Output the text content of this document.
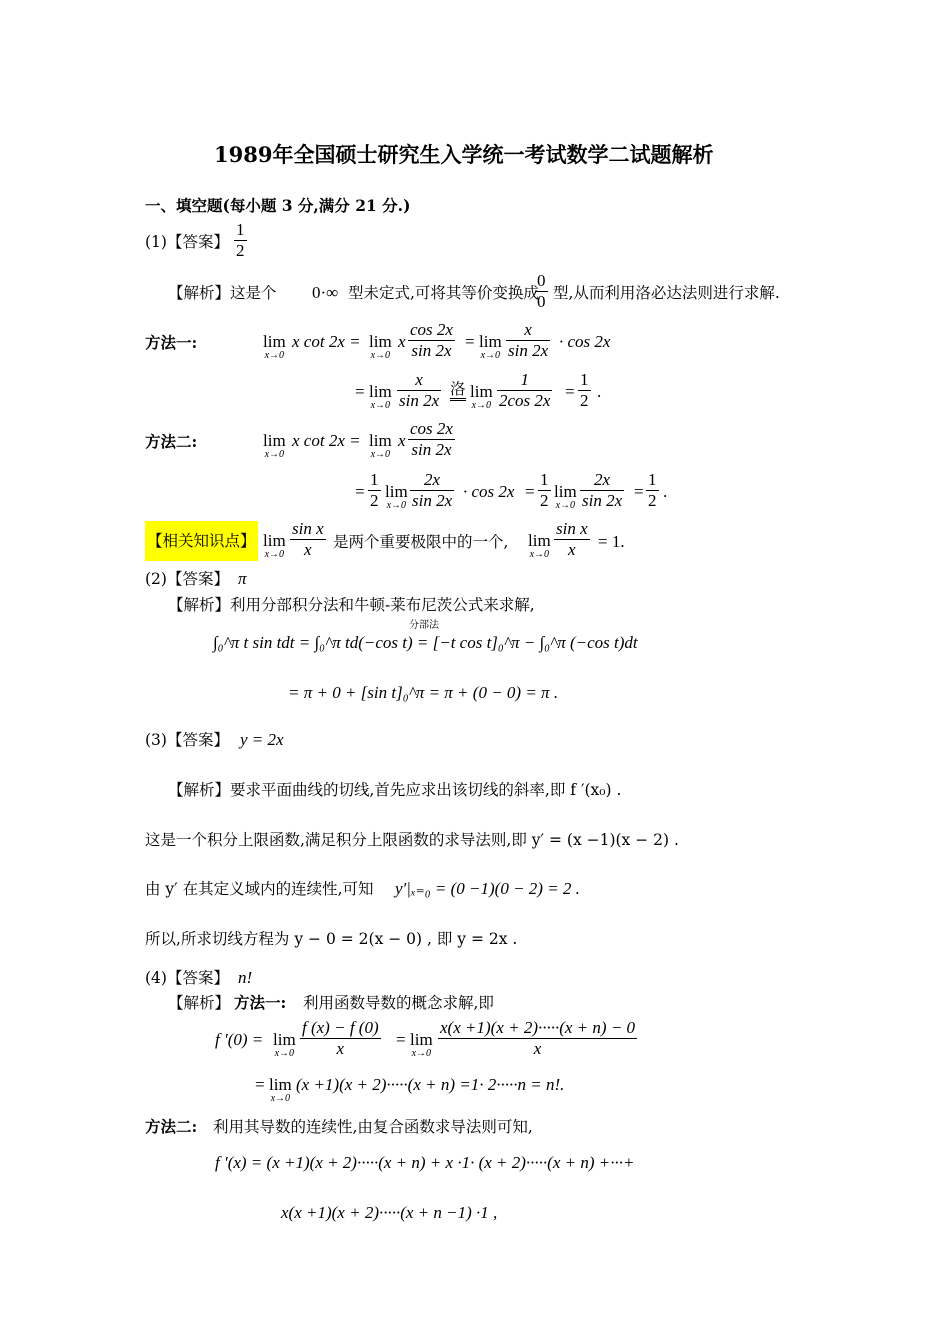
1989年全国硕士研究生入学统一考试数学二试题解析
一、填空题(每小题 3 分,满分 21 分.)
(1)【答案】 $\frac{1}{2}$
【解析】这是个 0·∞ 型未定式,可将其等价变换成
$\frac{0}{0}$ 型,从而利用洛必达法则进行求解.
方法一:	lim
x→0
x cot 2x = lim
x→0
x $\frac{\cos 2x}{\sin 2x} = \lim$
$x\to 0 \frac{x}{\sin 2x} \cdot \cos 2x$
= lim
$x\to 0 \frac{x}{\sin 2x}$ 洛 lim
$x\to 0 \frac{1}{2\cos 2x} = \frac{1}{2}$ .
方法二:	lim
x→0
x cot 2x = lim
x→0
x $\frac{\cos 2x}{\sin 2x}$
= $\frac{1}{2}$ lim
$x\to 0 \frac{2x}{\sin 2x} \cdot \cos 2x = \frac{1}{2}$ lim
$x\to 0 \frac{2x}{\sin 2x} = \frac{1}{2}$ .
【相关知识点】 lim
$x\to 0 \frac{\text{sin x}}{x}$ 是两个重要极限中的一个, lim
$x\to 0 \frac{\text{sin x}}{x} = 1$.
(2)【答案】 π
【解析】利用分部积分法和牛顿-莱布尼茨公式来求解,
分部法
∫₀^π t sin tdt = ∫₀^π td(−cos t) = [−t cos t]₀^π − ∫₀^π (−cos t)dt
= π + 0 + [sin t]₀^π = π + (0 − 0) = π .
(3)【答案】 y = 2x
【解析】要求平面曲线的切线,首先应求出该切线的斜率,即 f ′(x₀) .
这是一个积分上限函数,满足积分上限函数的求导法则,即 y′ = (x −1)(x − 2) .
由 y′ 在其定义域内的连续性,可知 y′|ₓ₌₀ = (0 −1)(0 − 2) = 2 .
所以,所求切线方程为 y − 0 = 2(x − 0) , 即 y = 2x .
(4)【答案】 n!
【解析】 方法一: 利用函数导数的概念求解,即
f ′(0) = lim
$x\to 0 \frac{f (x) - f (0)}{x} = \lim$
$x\to 0 \frac{x(x +1)(x + 2)\cdot\cdot\cdot\cdot\cdot(x + n) - 0}{x}$
= lim
x→0
(x +1)(x + 2)·····(x + n) =1· 2·····n = n!.
方法二: 利用其导数的连续性,由复合函数求导法则可知,
f ′(x) = (x +1)(x + 2)·····(x + n) + x ·1· (x + 2)·····(x + n) +···+
x(x +1)(x + 2)·····(x + n −1) ·1 ,
